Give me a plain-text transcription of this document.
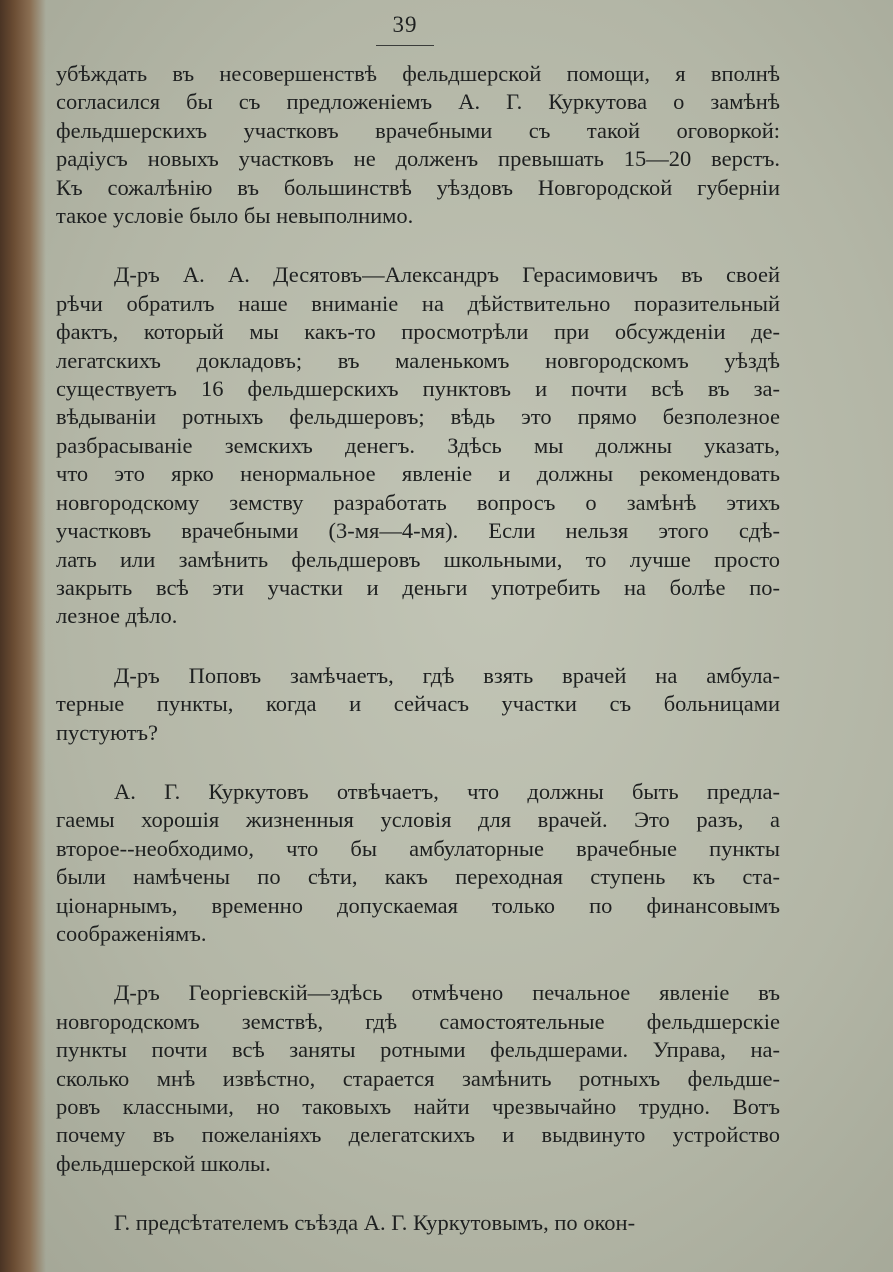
39
убѣждать въ несовершенствѣ фельдшерской помощи, я вполнѣ
согласился бы съ предложеніемъ А. Г. Куркутова о замѣнѣ
фельдшерскихъ участковъ врачебными съ такой оговоркой:
радіусъ новыхъ участковъ не долженъ превышать 15—20 верстъ.
Къ сожалѣнію въ большинствѣ уѣздовъ Новгородской губерніи
такое условіе было бы невыполнимо.
Д-ръ А. А. Десятовъ—Александръ Герасимовичъ въ своей
рѣчи обратилъ наше вниманіе на дѣйствительно поразительный
фактъ, который мы какъ-то просмотрѣли при обсужденіи де-
легатскихъ докладовъ; въ маленькомъ новгородскомъ уѣздѣ
существуетъ 16 фельдшерскихъ пунктовъ и почти всѣ въ за-
вѣдываніи ротныхъ фельдшеровъ; вѣдь это прямо безполезное
разбрасываніе земскихъ денегъ. Здѣсь мы должны указать,
что это ярко ненормальное явленіе и должны рекомендовать
новгородскому земству разработать вопросъ о замѣнѣ этихъ
участковъ врачебными (3-мя—4-мя). Если нельзя этого сдѣ-
лать или замѣнить фельдшеровъ школьными, то лучше просто
закрыть всѣ эти участки и деньги употребить на болѣе по-
лезное дѣло.
Д-ръ Поповъ замѣчаетъ, гдѣ взять врачей на амбула-
терные пункты, когда и сейчасъ участки съ больницами
пустуютъ?
А. Г. Куркутовъ отвѣчаетъ, что должны быть предла-
гаемы хорошія жизненныя условія для врачей. Это разъ, а
второе--необходимо, что бы амбулаторные врачебные пункты
были намѣчены по сѣти, какъ переходная ступень къ ста-
ціонарнымъ, временно допускаемая только по финансовымъ
соображеніямъ.
Д-ръ Георгіевскій—здѣсь отмѣчено печальное явленіе въ
новгородскомъ земствѣ, гдѣ самостоятельные фельдшерскіе
пункты почти всѣ заняты ротными фельдшерами. Управа, на-
сколько мнѣ извѣстно, старается замѣнить ротныхъ фельдше-
ровъ классными, но таковыхъ найти чрезвычайно трудно. Вотъ
почему въ пожеланіяхъ делегатскихъ и выдвинуто устройство
фельдшерской школы.
Г. предсѣтателемъ съѣзда А. Г. Куркутовымъ, по окон-
